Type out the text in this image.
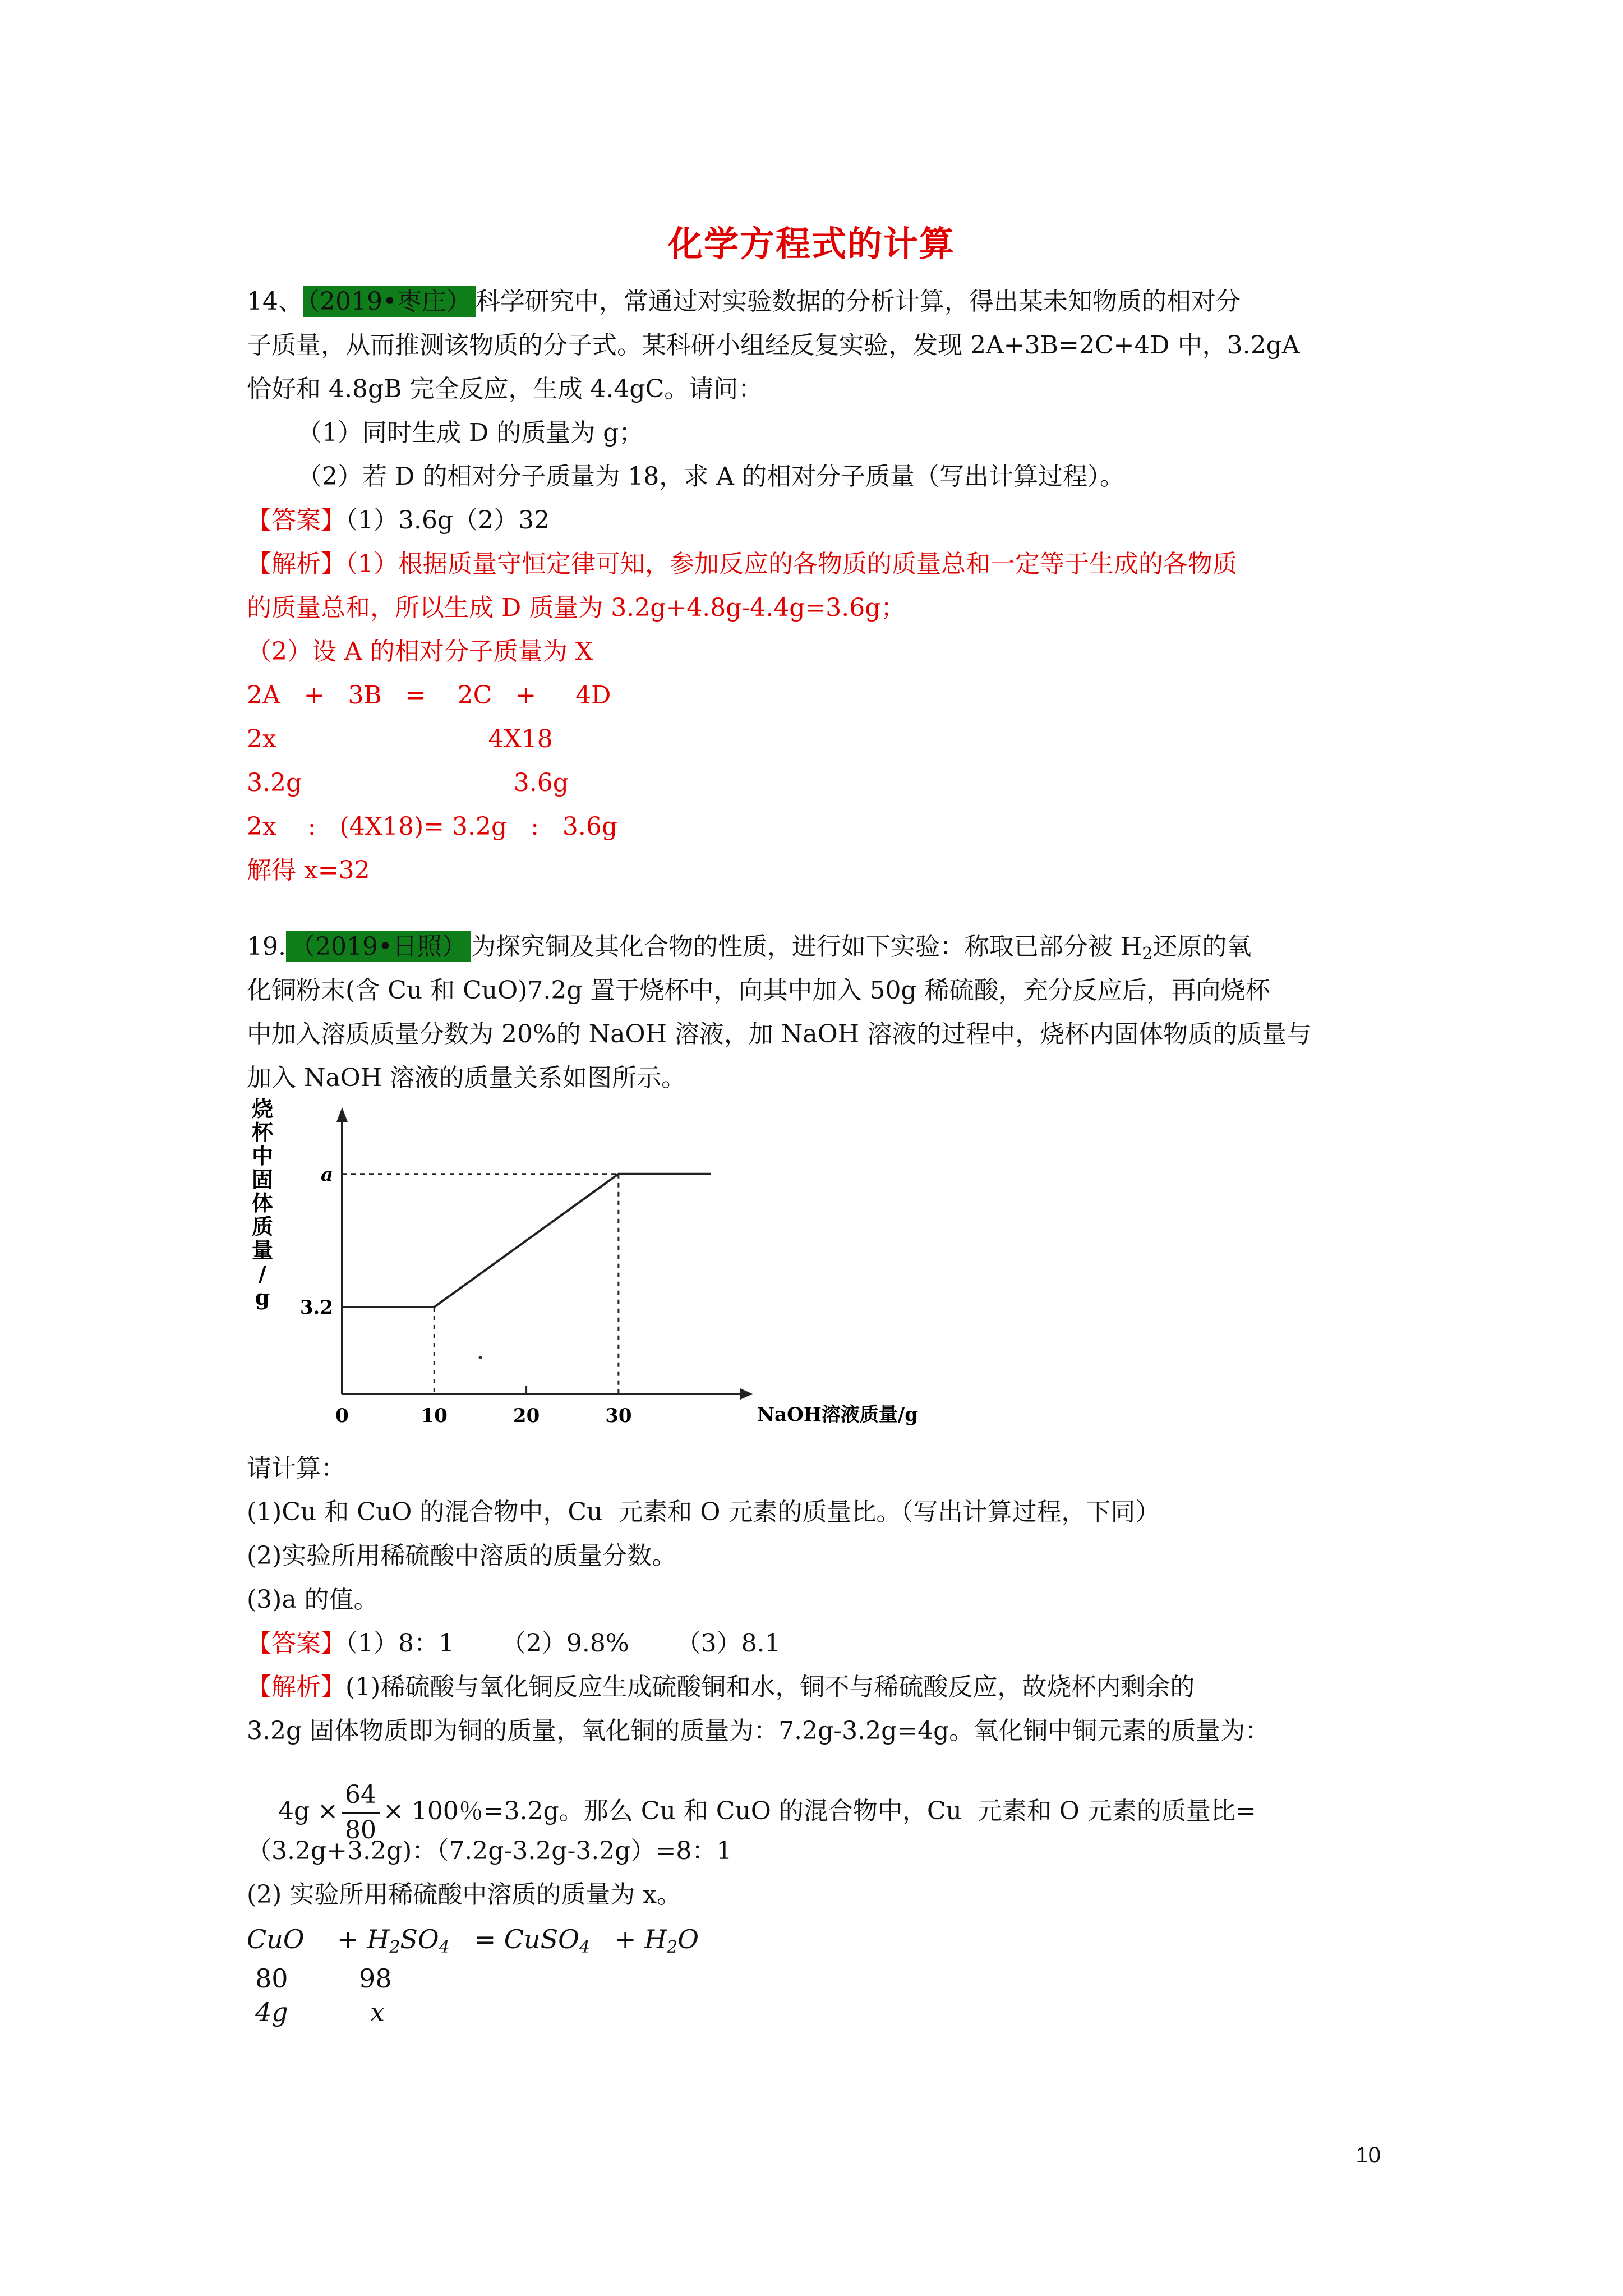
化学方程式的计算
14、 （2019•枣庄） 科学研究中，常通过对实验数据的分析计算，得出某未知物质的相对分
子质量，从而推测该物质的分子式。某科研小组经反复实验，发现 2A+3B=2C+4D 中，3.2gA
恰好和 4.8gB 完全反应，生成 4.4gC。请问：
（1）同时生成 D 的质量为 g；
（2）若 D 的相对分子质量为 18，求 A 的相对分子质量（写出计算过程）。
【答案】（1）3.6g（2）32
【解析】（1）根据质量守恒定律可知，参加反应的各物质的质量总和一定等于生成的各物质
的质量总和，所以生成 D 质量为 3.2g+4.8g-4.4g=3.6g；
（2）设 A 的相对分子质量为 X
2A   +   3B   =    2C   +     4D
2x                           4X18
3.2g                           3.6g
2x    :   (4X18)= 3.2g   :   3.6g
解得 x=32
19. （2019•日照） 为探究铜及其化合物的性质，进行如下实验：称取已部分被 $H_2$还原的氧
化铜粉末(含 Cu 和 CuO)7.2g 置于烧杯中，向其中加入 50g 稀硫酸，充分反应后，再向烧杯
中加入溶质质量分数为 20%的 NaOH 溶液，加 NaOH 溶液的过程中，烧杯内固体物质的质量与
加入 NaOH 溶液的质量关系如图所示。
烧
杯
中
固
体
质
量
/
g
NaOH溶液质量/g
0	10	20	30
3.2
a
请计算：
(1)Cu 和 CuO 的混合物中，Cu  元素和 O 元素的质量比。（写出计算过程，下同）
(2)实验所用稀硫酸中溶质的质量分数。
(3)a 的值。
【答案】（1）8：1      （2）9.8%      （3）8.1
【解析】(1)稀硫酸与氧化铜反应生成硫酸铜和水，铜不与稀硫酸反应，故烧杯内剩余的
3.2g 固体物质即为铜的质量，氧化铜的质量为：7.2g-3.2g=4g。氧化铜中铜元素的质量为：

$4g \times \frac{64}{80} \times 100$％=3.2g。那么 Cu 和 CuO 的混合物中，Cu  元素和 O 元素的质量比=

（3.2g+3.2g)：（7.2g-3.2g-3.2g）=8：1
(2) 实验所用稀硫酸中溶质的质量为 x。
CuO + $H_2SO_4$ = CuSO$_4$ + $H_2O$
80	98
4g	x
10
